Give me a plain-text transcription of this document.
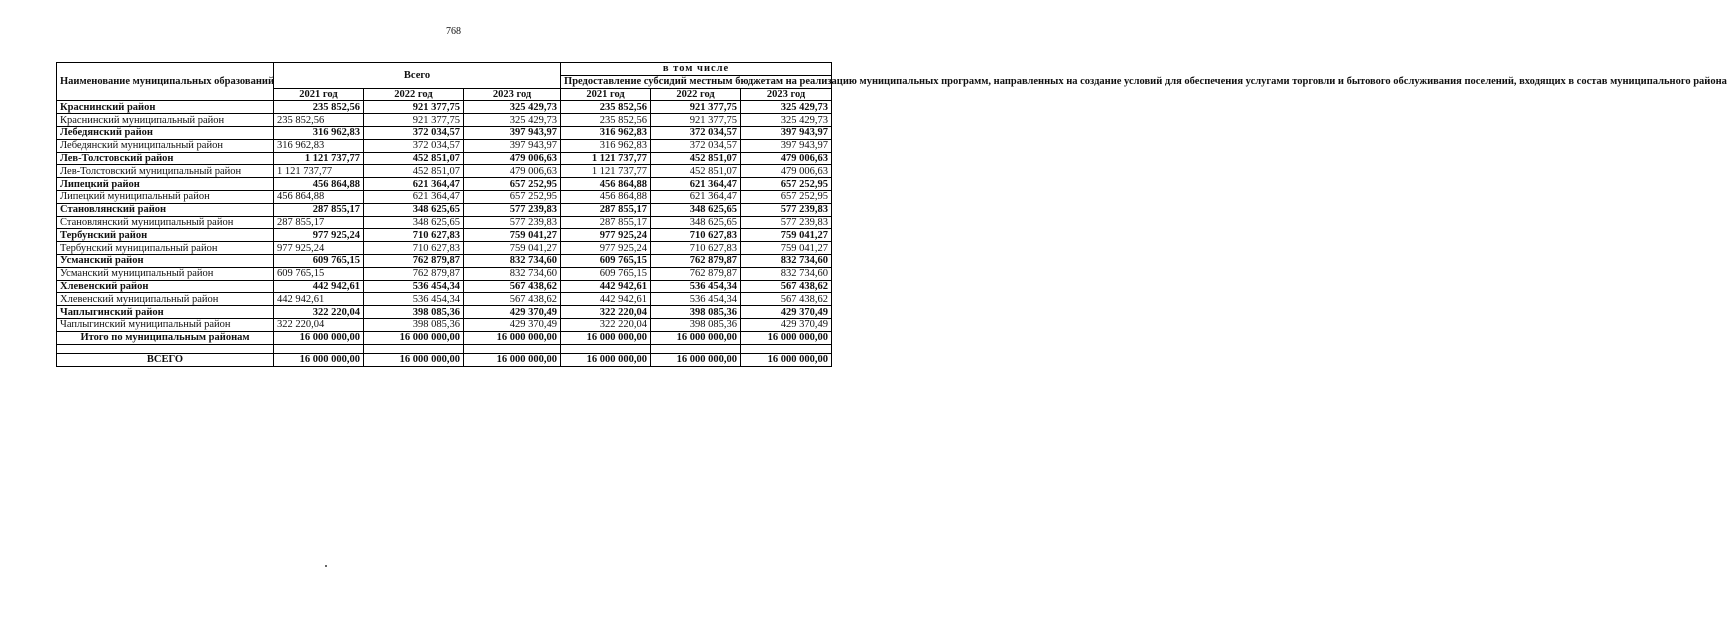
768
Наименование муниципальных образований	Всего			в том числе		
				Предоставление субсидий местным бюджетам на реализацию муниципальных программ, направленных на создание условий для обеспечения услугами торговли и бытового обслуживания поселений, входящих в состав муниципального района		
	2021 год	2022 год	2023 год	2021 год	2022 год	2023 год
Краснинский район	235 852,56	921 377,75	325 429,73	235 852,56	921 377,75	325 429,73
Краснинский муниципальный район	235 852,56	921 377,75	325 429,73	235 852,56	921 377,75	325 429,73
Лебедянский район	316 962,83	372 034,57	397 943,97	316 962,83	372 034,57	397 943,97
Лебедянский муниципальный район	316 962,83	372 034,57	397 943,97	316 962,83	372 034,57	397 943,97
Лев-Толстовский район	1 121 737,77	452 851,07	479 006,63	1 121 737,77	452 851,07	479 006,63
Лев-Толстовский муниципальный район	1 121 737,77	452 851,07	479 006,63	1 121 737,77	452 851,07	479 006,63
Липецкий район	456 864,88	621 364,47	657 252,95	456 864,88	621 364,47	657 252,95
Липецкий муниципальный район	456 864,88	621 364,47	657 252,95	456 864,88	621 364,47	657 252,95
Становлянский район	287 855,17	348 625,65	577 239,83	287 855,17	348 625,65	577 239,83
Становлянский муниципальный район	287 855,17	348 625,65	577 239,83	287 855,17	348 625,65	577 239,83
Тербунский район	977 925,24	710 627,83	759 041,27	977 925,24	710 627,83	759 041,27
Тербунский муниципальный район	977 925,24	710 627,83	759 041,27	977 925,24	710 627,83	759 041,27
Усманский район	609 765,15	762 879,87	832 734,60	609 765,15	762 879,87	832 734,60
Усманский муниципальный район	609 765,15	762 879,87	832 734,60	609 765,15	762 879,87	832 734,60
Хлевенский район	442 942,61	536 454,34	567 438,62	442 942,61	536 454,34	567 438,62
Хлевенский муниципальный район	442 942,61	536 454,34	567 438,62	442 942,61	536 454,34	567 438,62
Чаплыгинский район	322 220,04	398 085,36	429 370,49	322 220,04	398 085,36	429 370,49
Чаплыгинский муниципальный район	322 220,04	398 085,36	429 370,49	322 220,04	398 085,36	429 370,49
Итого по муниципальным районам	16 000 000,00	16 000 000,00	16 000 000,00	16 000 000,00	16 000 000,00	16 000 000,00

ВСЕГО	16 000 000,00	16 000 000,00	16 000 000,00	16 000 000,00	16 000 000,00	16 000 000,00
